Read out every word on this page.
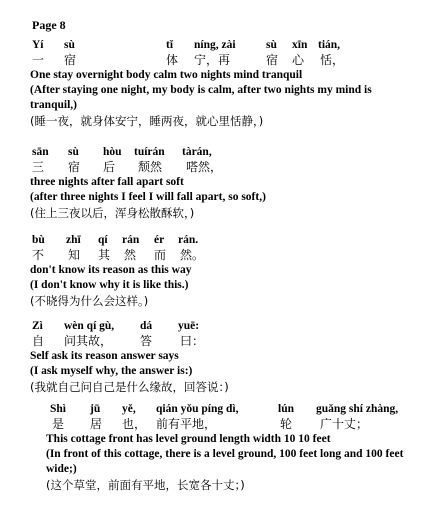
Page 8
Yí sù	tǐ níng, zài	sù xīn tián,
一 宿	体 宁，再	宿 心 恬，
One stay overnight body calm two nights mind tranquil
(After staying one night, my body is calm, after two nights my mind is tranquil,)
(睡一夜，就身体安宁，睡两夜，就心里恬静，)
sān sù hòu tuírán tàrán,
三 宿 后 颓然 嗒然，
three nights after fall apart soft
(after three nights I feel I will fall apart, so soft,)
(住上三夜以后，浑身松散酥软，)
bù zhī qí rán ér rán.
不 知 其 然 而 然。
don't know its reason as this way
(I don't know why it is like this.)
(不晓得为什么会这样。)
Zì wèn qí gù, dá yuē:
自 问其故， 答 曰：
Self ask its reason answer says
(I ask myself why, the answer is:)
(我就自己问自己是什么缘故，回答说：)
Shì jū yě, qián yǒu píng dì,	lún guǎng shí zhàng,
是 居 也， 前有平地，	轮 广十丈；
This cottage front has level ground length width 10 10 feet
(In front of this cottage, there is a level ground, 100 feet long and 100 feet wide;)
(这个草堂，前面有平地，长宽各十丈；)
